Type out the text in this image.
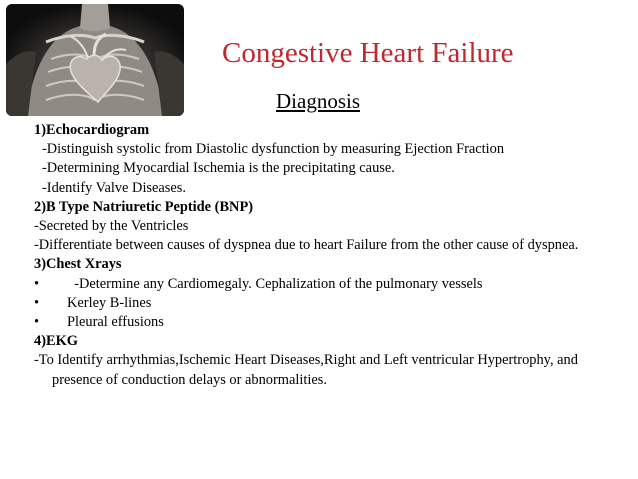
Congestive Heart Failure
Diagnosis
1)Echocardiogram
-Distinguish systolic from Diastolic dysfunction by measuring Ejection Fraction
-Determining Myocardial Ischemia is the precipitating cause.
-Identify Valve Diseases.
2)B Type Natriuretic Peptide (BNP)
-Secreted by the Ventricles
-Differentiate between causes of dyspnea due to heart Failure from the other cause of dyspnea.
3)Chest Xrays
•	-Determine any Cardiomegaly. Cephalization of the pulmonary vessels
•	Kerley B-lines
•	Pleural effusions
4)EKG
-To Identify arrhythmias,Ischemic Heart Diseases,Right and Left ventricular Hypertrophy, and presence of conduction delays or abnormalities.
